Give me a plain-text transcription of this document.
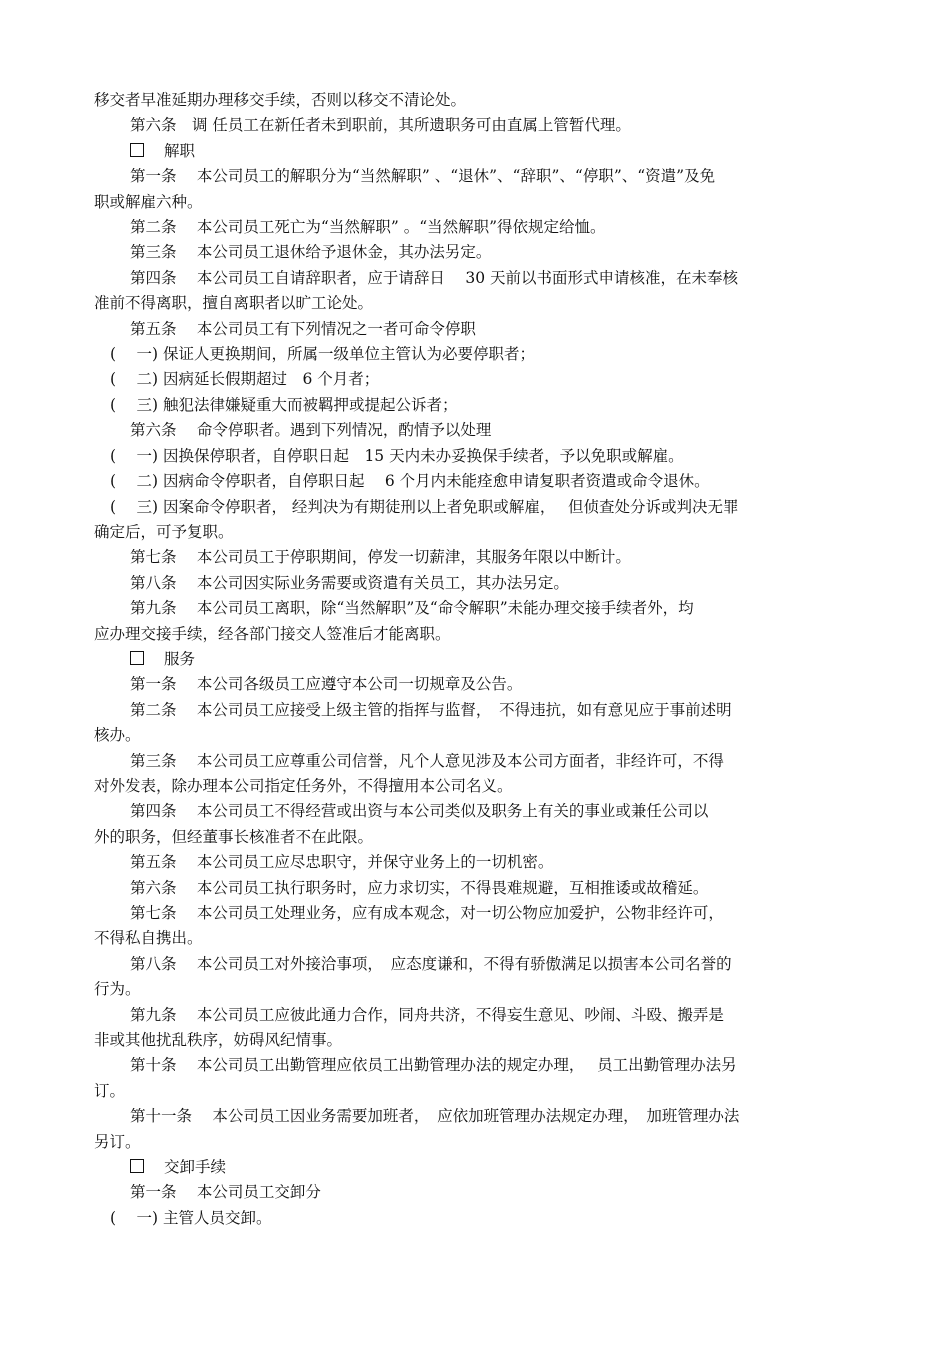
移交者早准延期办理移交手续，否则以移交不清论处。
第六条　调 任员工在新任者未到职前，其所遗职务可由直属上管暂代理。
解职
第一条　 本公司员工的解职分为“当然解职” 、“退休”、“辞职”、“停职”、“资遣”及免
职或解雇六种。
第二条　 本公司员工死亡为“当然解职” 。“当然解职”得依规定给恤。
第三条　 本公司员工退休给予退休金，其办法另定。
第四条　 本公司员工自请辞职者，应于请辞日　 30 天前以书面形式申请核准，在未奉核
准前不得离职，擅自离职者以旷工论处。
第五条　 本公司员工有下列情况之一者可命令停职
(　 一) 保证人更换期间，所属一级单位主管认为必要停职者；
(　 二) 因病延长假期超过　6 个月者；
(　 三) 触犯法律嫌疑重大而被羁押或提起公诉者；
第六条　 命令停职者。遇到下列情况，酌情予以处理
(　 一) 因换保停职者，自停职日起　15 天内未办妥换保手续者，予以免职或解雇。
(　 二) 因病命令停职者，自停职日起　 6 个月内未能痊愈申请复职者资遣或命令退休。
(　 三) 因案命令停职者， 经判决为有期徒刑以上者免职或解雇，　 但侦查处分诉或判决无罪
确定后，可予复职。
第七条　 本公司员工于停职期间，停发一切薪津，其服务年限以中断计。
第八条　 本公司因实际业务需要或资遣有关员工，其办法另定。
第九条　 本公司员工离职，除“当然解职”及“命令解职”未能办理交接手续者外，均
应办理交接手续，经各部门接交人签准后才能离职。
服务
第一条　 本公司各级员工应遵守本公司一切规章及公告。
第二条　 本公司员工应接受上级主管的指挥与监督，　不得违抗，如有意见应于事前述明
核办。
第三条　 本公司员工应尊重公司信誉，凡个人意见涉及本公司方面者，非经许可，不得
对外发表，除办理本公司指定任务外，不得擅用本公司名义。
第四条　 本公司员工不得经营或出资与本公司类似及职务上有关的事业或兼任公司以
外的职务，但经董事长核准者不在此限。
第五条　 本公司员工应尽忠职守，并保守业务上的一切机密。
第六条　 本公司员工执行职务时，应力求切实，不得畏难规避，互相推诿或故稽延。
第七条　 本公司员工处理业务，应有成本观念，对一切公物应加爱护，公物非经许可，
不得私自携出。
第八条　 本公司员工对外接洽事项，　应态度谦和，不得有骄傲满足以损害本公司名誉的
行为。
第九条　 本公司员工应彼此通力合作，同舟共济，不得妄生意见、吵闹、斗殴、搬弄是
非或其他扰乱秩序，妨碍风纪情事。
第十条　 本公司员工出勤管理应依员工出勤管理办法的规定办理，　 员工出勤管理办法另
订。
第十一条　 本公司员工因业务需要加班者，　应依加班管理办法规定办理，　加班管理办法
另订。
交卸手续
第一条　 本公司员工交卸分
(　 一) 主管人员交卸。
